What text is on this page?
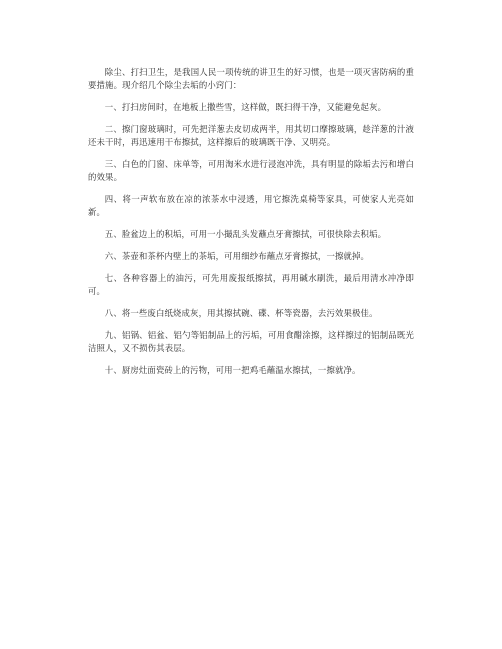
除尘、打扫卫生，是我国人民一项传统的讲卫生的好习惯，也是一项灭害防病的重要措施。现介绍几个除尘去垢的小窍门：

一、打扫房间时，在地板上撒些雪，这样做，既扫得干净，又能避免起灰。

二、擦门窗玻璃时，可先把洋葱去皮切成两半，用其切口摩擦玻璃，趁洋葱的汁液还未干时，再迅速用干布擦拭，这样擦后的玻璃既干净、又明亮。

三、白色的门窗、床单等，可用淘米水进行浸泡冲洗，具有明显的除垢去污和增白的效果。

四、将一声软布放在凉的浓茶水中浸透，用它擦洗桌椅等家具，可使家人光亮如新。

五、脸盆边上的积垢，可用一小撮乱头发蘸点牙膏擦拭，可很快除去积垢。

六、茶壶和茶杯内壁上的茶垢，可用细纱布蘸点牙膏擦拭，一擦就掉。

七、各种容器上的油污，可先用废报纸擦拭，再用碱水刷洗，最后用清水冲净即可。

八、将一些废白纸烧成灰，用其擦拭碗、碟、杯等瓷器，去污效果极佳。

九、铝锅、铝盆、铝勺等铝制品上的污垢，可用食醋涂擦，这样擦过的铝制品既光洁照人，又不损伤其表层。

十、厨房灶面瓷砖上的污物，可用一把鸡毛蘸温水擦拭，一擦就净。
